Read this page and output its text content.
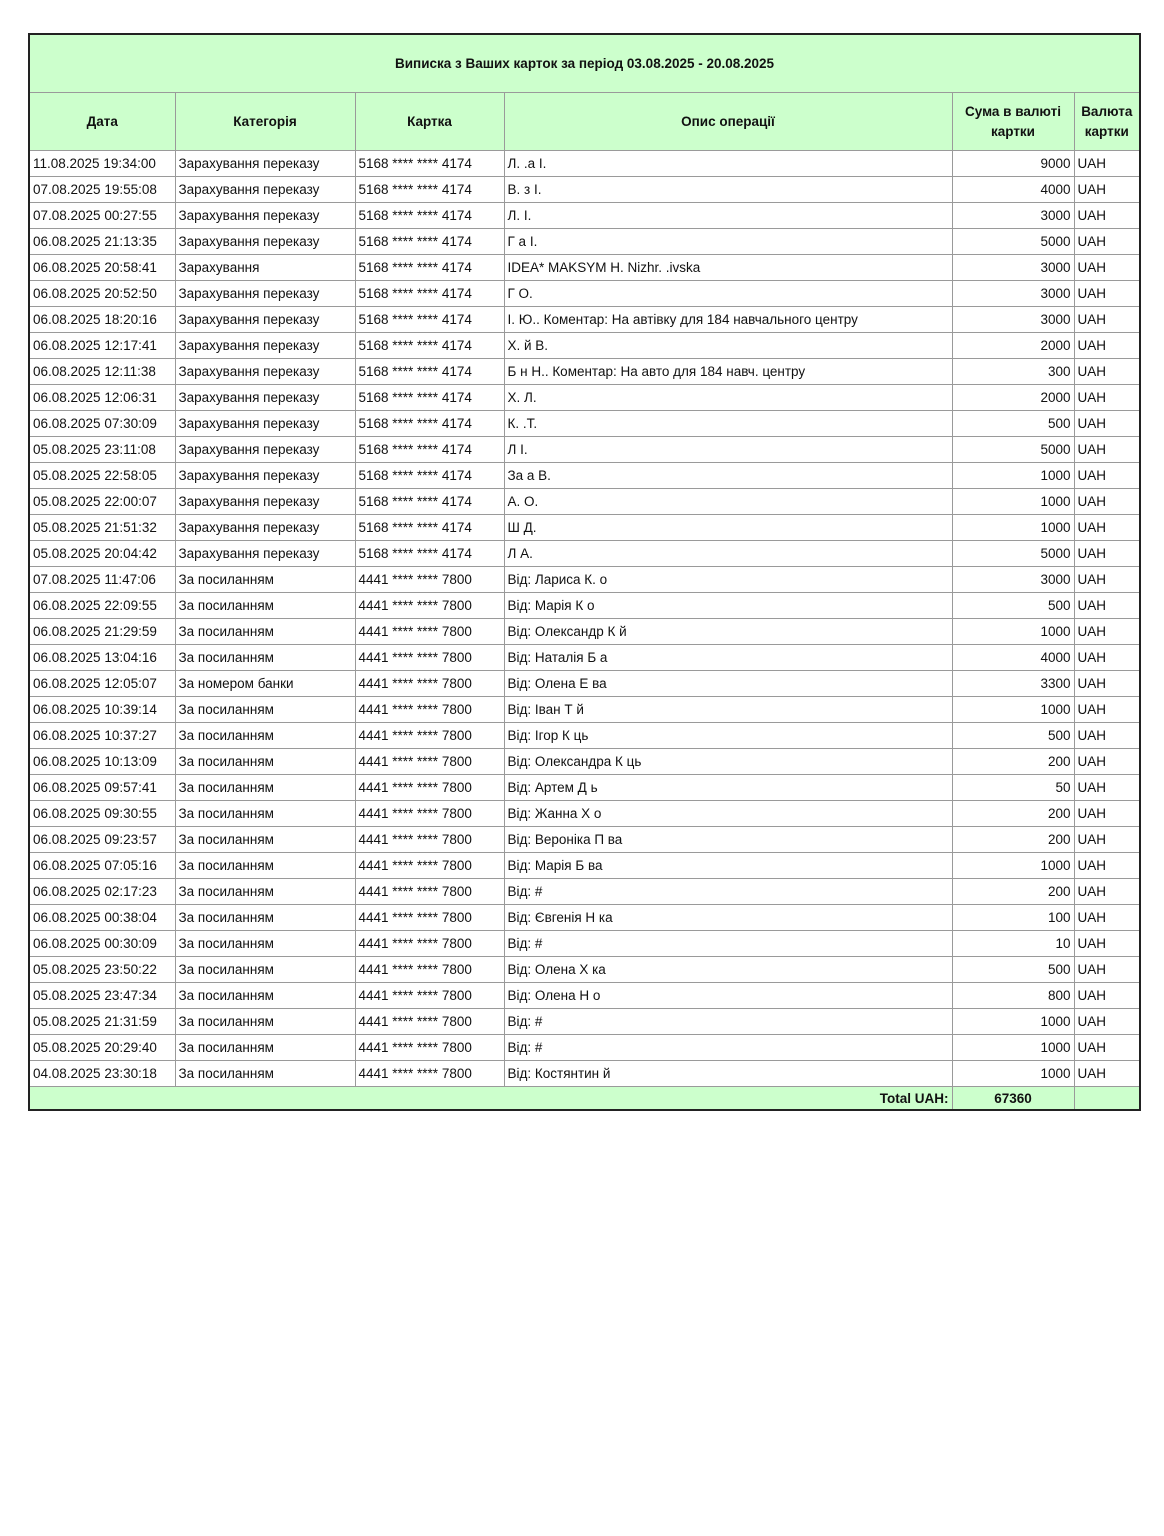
Виписка з Ваших карток за період 03.08.2025 - 20.08.2025					
Дата	Категорія	Картка	Опис операції	Сума в валюті картки	Валюта картки
11.08.2025 19:34:00	Зарахування переказу	5168 **** **** 4174	Л. .а І.	9000	UAH
07.08.2025 19:55:08	Зарахування переказу	5168 **** **** 4174	В. з І.	4000	UAH
07.08.2025 00:27:55	Зарахування переказу	5168 **** **** 4174	Л. І.	3000	UAH
06.08.2025 21:13:35	Зарахування переказу	5168 **** **** 4174	Г а І.	5000	UAH
06.08.2025 20:58:41	Зарахування	5168 **** **** 4174	IDEA* MAKSYM H. Nizhr. .ivska	3000	UAH
06.08.2025 20:52:50	Зарахування переказу	5168 **** **** 4174	Г О.	3000	UAH
06.08.2025 18:20:16	Зарахування переказу	5168 **** **** 4174	І. Ю.. Коментар: На автівку для 184 навчального центру	3000	UAH
06.08.2025 12:17:41	Зарахування переказу	5168 **** **** 4174	Х. й В.	2000	UAH
06.08.2025 12:11:38	Зарахування переказу	5168 **** **** 4174	Б н Н.. Коментар: На авто для 184 навч. центру	300	UAH
06.08.2025 12:06:31	Зарахування переказу	5168 **** **** 4174	Х. Л.	2000	UAH
06.08.2025 07:30:09	Зарахування переказу	5168 **** **** 4174	К. .Т.	500	UAH
05.08.2025 23:11:08	Зарахування переказу	5168 **** **** 4174	Л І.	5000	UAH
05.08.2025 22:58:05	Зарахування переказу	5168 **** **** 4174	За а В.	1000	UAH
05.08.2025 22:00:07	Зарахування переказу	5168 **** **** 4174	А. О.	1000	UAH
05.08.2025 21:51:32	Зарахування переказу	5168 **** **** 4174	Ш Д.	1000	UAH
05.08.2025 20:04:42	Зарахування переказу	5168 **** **** 4174	Л А.	5000	UAH
07.08.2025 11:47:06	За посиланням	4441 **** **** 7800	Від: Лариса К. о	3000	UAH
06.08.2025 22:09:55	За посиланням	4441 **** **** 7800	Від: Марія К о	500	UAH
06.08.2025 21:29:59	За посиланням	4441 **** **** 7800	Від: Олександр К й	1000	UAH
06.08.2025 13:04:16	За посиланням	4441 **** **** 7800	Від: Наталія Б а	4000	UAH
06.08.2025 12:05:07	За номером банки	4441 **** **** 7800	Від: Олена Е ва	3300	UAH
06.08.2025 10:39:14	За посиланням	4441 **** **** 7800	Від: Іван Т й	1000	UAH
06.08.2025 10:37:27	За посиланням	4441 **** **** 7800	Від: Ігор К ць	500	UAH
06.08.2025 10:13:09	За посиланням	4441 **** **** 7800	Від: Олександра К ць	200	UAH
06.08.2025 09:57:41	За посиланням	4441 **** **** 7800	Від: Артем Д ь	50	UAH
06.08.2025 09:30:55	За посиланням	4441 **** **** 7800	Від: Жанна Х о	200	UAH
06.08.2025 09:23:57	За посиланням	4441 **** **** 7800	Від: Вероніка П ва	200	UAH
06.08.2025 07:05:16	За посиланням	4441 **** **** 7800	Від: Марія Б ва	1000	UAH
06.08.2025 02:17:23	За посиланням	4441 **** **** 7800	Від: #	200	UAH
06.08.2025 00:38:04	За посиланням	4441 **** **** 7800	Від: Євгенія Н ка	100	UAH
06.08.2025 00:30:09	За посиланням	4441 **** **** 7800	Від: #	10	UAH
05.08.2025 23:50:22	За посиланням	4441 **** **** 7800	Від: Олена Х ка	500	UAH
05.08.2025 23:47:34	За посиланням	4441 **** **** 7800	Від: Олена Н о	800	UAH
05.08.2025 21:31:59	За посиланням	4441 **** **** 7800	Від: #	1000	UAH
05.08.2025 20:29:40	За посиланням	4441 **** **** 7800	Від: #	1000	UAH
04.08.2025 23:30:18	За посиланням	4441 **** **** 7800	Від: Костянтин й	1000	UAH
Total UAH:				67360	
